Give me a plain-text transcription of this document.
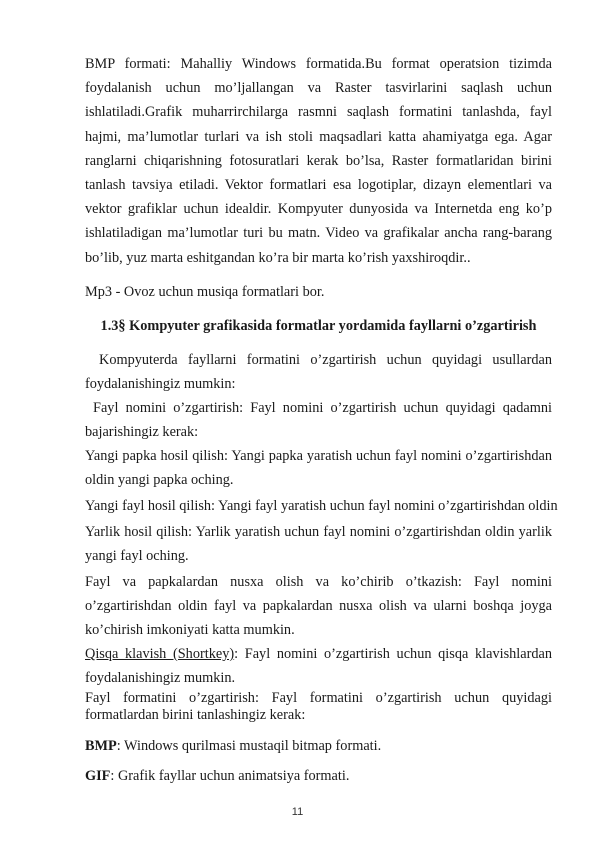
BMP formati: Mahalliy Windows formatida.Bu format operatsion tizimda foydalanish uchun mo’ljallangan va Raster tasvirlarini saqlash uchun ishlatiladi.Grafik muharrirchilarga rasmni saqlash formatini tanlashda, fayl hajmi, ma’lumotlar turlari va ish stoli maqsadlari katta ahamiyatga ega. Agar ranglarni chiqarishning fotosuratlari kerak bo’lsa, Raster formatlaridan birini tanlash tavsiya etiladi. Vektor formatlari esa logotiplar, dizayn elementlari va vektor grafiklar uchun idealdir. Kompyuter dunyosida va Internetda eng ko’p ishlatiladigan ma’lumotlar turi bu matn. Video va grafikalar ancha rang-barang bo’lib, yuz marta eshitgandan ko’ra bir marta ko’rish yaxshiroqdir..

Mp3 - Ovoz uchun musiqa formatlari bor.

1.3§ Kompyuter grafikasida formatlar yordamida fayllarni o’zgartirish

Kompyuterda fayllarni formatini o’zgartirish uchun quyidagi usullardan foydalanishingiz mumkin:

Fayl nomini o’zgartirish: Fayl nomini o’zgartirish uchun quyidagi qadamni bajarishingiz kerak:

Yangi papka hosil qilish: Yangi papka yaratish uchun fayl nomini o’zgartirishdan oldin yangi papka oching.

Yangi fayl hosil qilish: Yangi fayl yaratish uchun fayl nomini o’zgartirishdan oldin

Yarlik hosil qilish: Yarlik yaratish uchun fayl nomini o’zgartirishdan oldin yarlik yangi fayl oching.

Fayl va papkalardan nusxa olish va ko’chirib o’tkazish: Fayl nomini o’zgartirishdan oldin fayl va papkalardan nusxa olish va ularni boshqa joyga ko’chirish imkoniyati katta mumkin.

Qisqa klavish (Shortkey): Fayl nomini o’zgartirish uchun qisqa klavishlardan foydalanishingiz mumkin.

Fayl formatini o’zgartirish: Fayl formatini o’zgartirish uchun quyidagi formatlardan birini tanlashingiz kerak:

BMP: Windows qurilmasi mustaqil bitmap formati.

GIF: Grafik fayllar uchun animatsiya formati.

11
